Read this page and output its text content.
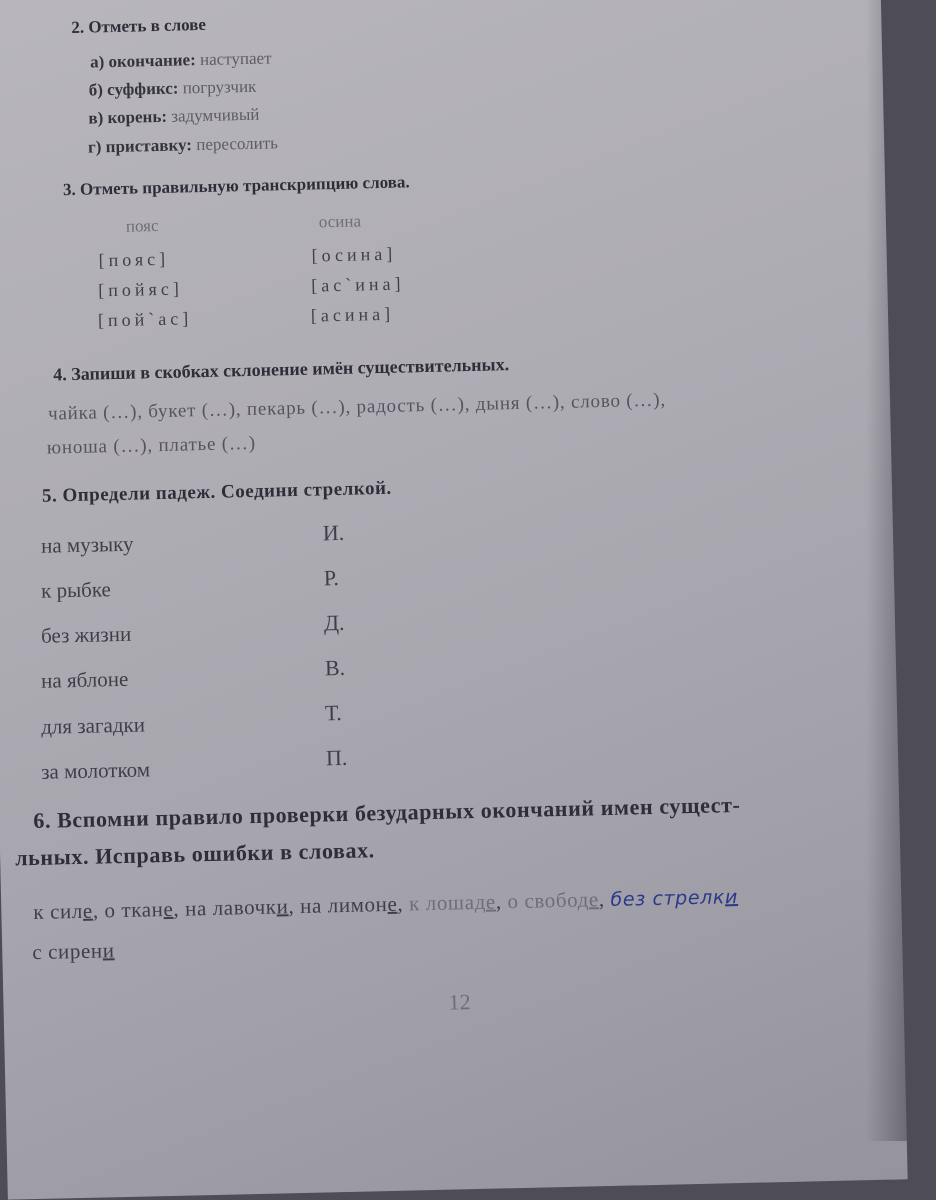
2. Отметь в слове
а) окончание: наступает
б) суффикс: погрузчик
в) корень: задумчивый
г) приставку: пересолить
3. Отметь правильную транскрипцию слова.
пояс	осина
[пояс]
[пойяс]
[пой`ас]
[осина]
[ас`ина]
[асина]
4. Запиши в скобках склонение имён существительных.
чайка (…), букет (…), пекарь (…), радость (…), дыня (…), слово (…),
юноша (…), платье (…)
5. Определи падеж. Соедини стрелкой.
на музыку
к рыбке
без жизни
на яблоне
для загадки
за молотком
И.
Р.
Д.
В.
Т.
П.
6. Вспомни правило проверки безударных окончаний имен сущест-
льных. Исправь ошибки в словах.
к силе, о ткане, на лавочки, на лимоне, к лошаде, о свободе, без стрелки
с сирени
12
